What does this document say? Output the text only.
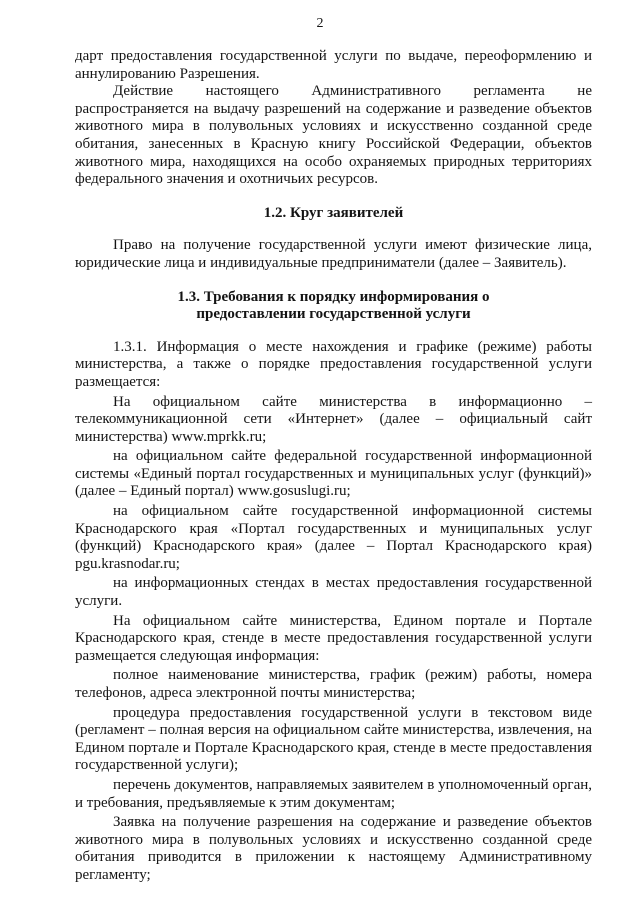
2

дарт предоставления государственной услуги по выдаче, переоформлению и аннулированию Разрешения.

Действие настоящего Административного регламента не распространяется на выдачу разрешений на содержание и разведение объектов животного мира в полувольных условиях и искусственно созданной среде обитания, занесенных в Красную книгу Российской Федерации, объектов животного мира, находящихся на особо охраняемых природных территориях федерального значения и охотничьих ресурсов.

1.2. Круг заявителей

Право на получение государственной услуги имеют физические лица, юридические лица и индивидуальные предприниматели (далее – Заявитель).

1.3. Требования к порядку информирования о
предоставлении государственной услуги

1.3.1. Информация о месте нахождения и графике (режиме) работы министерства, а также о порядке предоставления государственной услуги размещается:

На официальном сайте министерства в информационно – телекоммуникационной сети «Интернет» (далее – официальный сайт министерства) www.mprkk.ru;

на официальном сайте федеральной государственной информационной системы «Единый портал государственных и муниципальных услуг (функций)» (далее – Единый портал) www.gosuslugi.ru;

на официальном сайте государственной информационной системы Краснодарского края «Портал государственных и муниципальных услуг (функций) Краснодарского края» (далее – Портал Краснодарского края) pgu.krasnodar.ru;

на информационных стендах в местах предоставления государственной услуги.

На официальном сайте министерства, Едином портале и Портале Краснодарского края, стенде в месте предоставления государственной услуги размещается следующая информация:

полное наименование министерства, график (режим) работы, номера телефонов, адреса электронной почты министерства;

процедура предоставления государственной услуги в текстовом виде (регламент – полная версия на официальном сайте министерства, извлечения, на Едином портале и Портале Краснодарского края, стенде в месте предоставления государственной услуги);

перечень документов, направляемых заявителем в уполномоченный орган, и требования, предъявляемые к этим документам;

Заявка на получение разрешения на содержание и разведение объектов животного мира в полувольных условиях и искусственно созданной среде обитания приводится в приложении к настоящему Административному регламенту;
